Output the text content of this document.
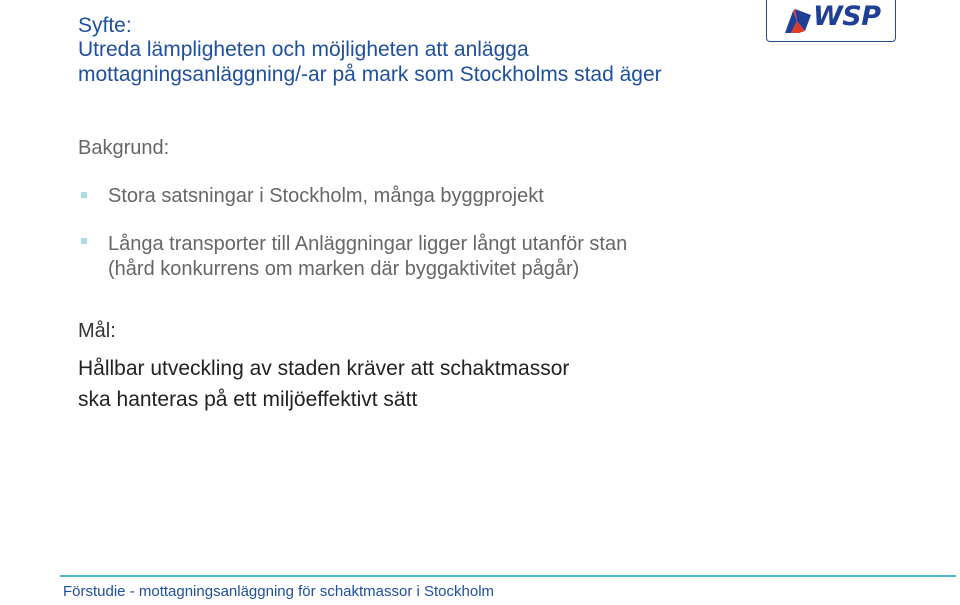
WSP
Syfte:
Utreda lämpligheten och möjligheten att anlägga
mottagningsanläggning/-ar på mark som Stockholms stad äger
Bakgrund:
Stora satsningar i Stockholm, många byggprojekt
Långa transporter till Anläggningar ligger långt utanför stan
(hård konkurrens om marken där byggaktivitet pågår)
Mål:
Hållbar utveckling av staden kräver att schaktmassor
ska hanteras på ett miljöeffektivt sätt
Förstudie - mottagningsanläggning för schaktmassor i Stockholm
